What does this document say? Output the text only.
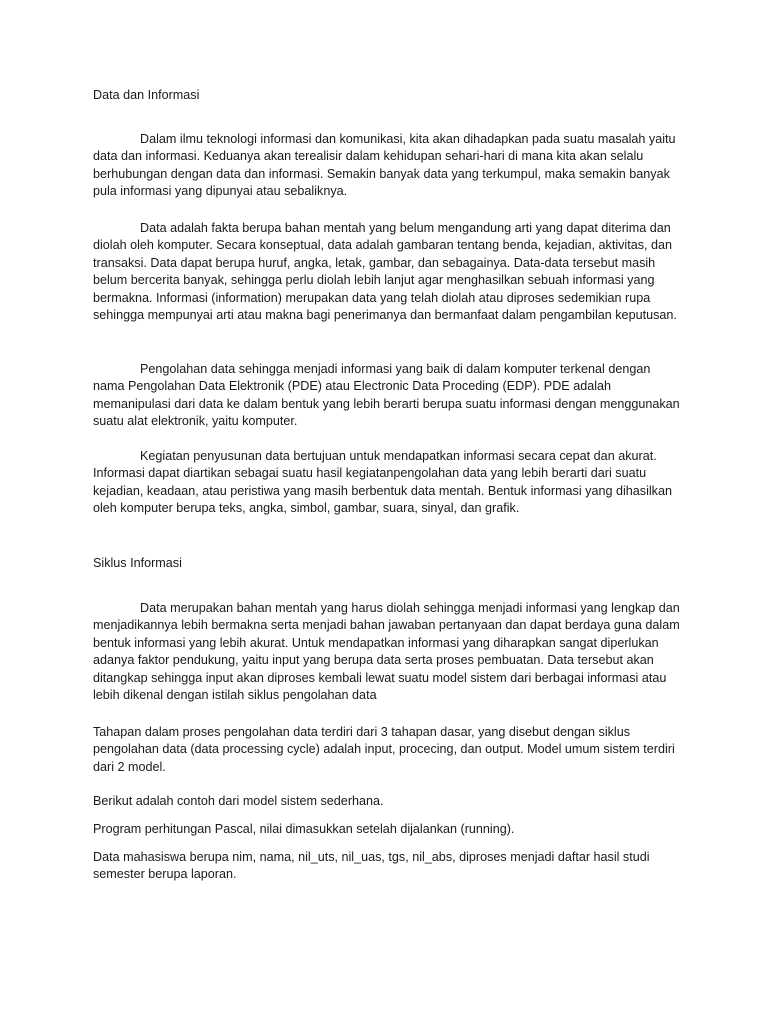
Data dan Informasi

Dalam ilmu teknologi informasi dan komunikasi, kita akan dihadapkan pada suatu masalah yaitu data dan informasi. Keduanya akan terealisir dalam kehidupan sehari-hari di mana kita akan selalu berhubungan dengan data dan informasi. Semakin banyak data yang terkumpul, maka semakin banyak pula informasi yang dipunyai atau sebaliknya.

Data adalah fakta berupa bahan mentah yang belum mengandung arti yang dapat diterima dan diolah oleh komputer. Secara konseptual, data adalah gambaran tentang benda, kejadian, aktivitas, dan transaksi. Data dapat berupa huruf, angka, letak, gambar, dan sebagainya. Data-data tersebut masih belum bercerita banyak, sehingga perlu diolah lebih lanjut agar menghasilkan sebuah informasi yang bermakna. Informasi (information) merupakan data yang telah diolah atau diproses sedemikian rupa sehingga mempunyai arti atau makna bagi penerimanya dan bermanfaat dalam pengambilan keputusan.

Pengolahan data sehingga menjadi informasi yang baik di dalam komputer terkenal dengan nama Pengolahan Data Elektronik (PDE) atau Electronic Data Proceding (EDP). PDE adalah memanipulasi dari data ke dalam bentuk yang lebih berarti berupa suatu informasi dengan menggunakan suatu alat elektronik, yaitu komputer.

Kegiatan penyusunan data bertujuan untuk mendapatkan informasi secara cepat dan akurat. Informasi dapat diartikan sebagai suatu hasil kegiatanpengolahan data yang lebih berarti dari suatu kejadian, keadaan, atau peristiwa yang masih berbentuk data mentah. Bentuk informasi yang dihasilkan oleh komputer berupa teks, angka, simbol, gambar, suara, sinyal, dan grafik.

Siklus Informasi

Data merupakan bahan mentah yang harus diolah sehingga menjadi informasi yang lengkap dan menjadikannya lebih bermakna serta menjadi bahan jawaban pertanyaan dan dapat berdaya guna dalam bentuk informasi yang lebih akurat. Untuk mendapatkan informasi yang diharapkan sangat diperlukan adanya faktor pendukung, yaitu input yang berupa data serta proses pembuatan. Data tersebut akan ditangkap sehingga input akan diproses kembali lewat suatu model sistem dari berbagai informasi atau lebih dikenal dengan istilah siklus pengolahan data

Tahapan dalam proses pengolahan data terdiri dari 3 tahapan dasar, yang disebut dengan siklus pengolahan data (data processing cycle) adalah input, procecing, dan output. Model umum sistem terdiri dari 2 model.

Berikut adalah contoh dari model sistem sederhana.

Program perhitungan Pascal, nilai dimasukkan setelah dijalankan (running).

Data mahasiswa berupa nim, nama, nil_uts, nil_uas, tgs, nil_abs, diproses menjadi daftar hasil studi semester berupa laporan.
